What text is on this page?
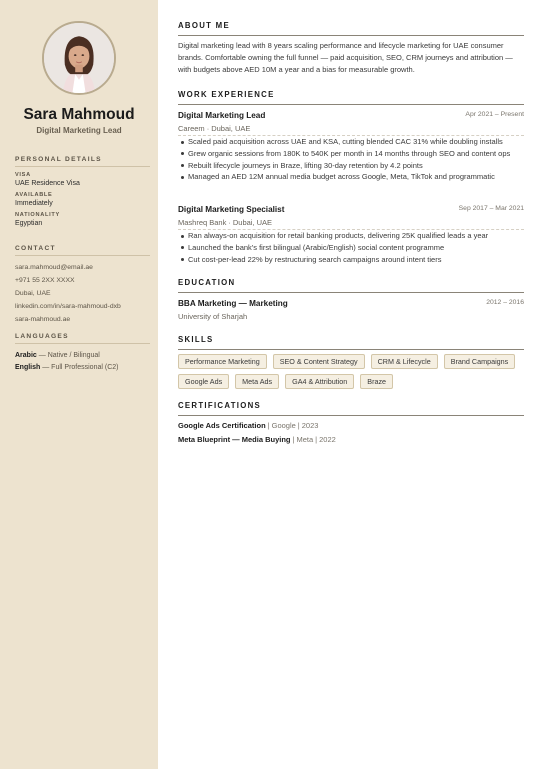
Sara Mahmoud
Digital Marketing Lead
PERSONAL DETAILS
VISA
UAE Residence Visa
AVAILABLE
Immediately
NATIONALITY
Egyptian
CONTACT
sara.mahmoud@email.ae
+971 55 2XX XXXX
Dubai, UAE
linkedin.com/in/sara-mahmoud-dxb
sara-mahmoud.ae
LANGUAGES
Arabic — Native / Bilingual
English — Full Professional (C2)
ABOUT ME
Digital marketing lead with 8 years scaling performance and lifecycle marketing for UAE consumer brands. Comfortable owning the full funnel — paid acquisition, SEO, CRM journeys and attribution — with budgets above AED 10M a year and a bias for measurable growth.
WORK EXPERIENCE
Digital Marketing Lead	Apr 2021 – Present
Careem · Dubai, UAE
Scaled paid acquisition across UAE and KSA, cutting blended CAC 31% while doubling installs
Grew organic sessions from 180K to 540K per month in 14 months through SEO and content ops
Rebuilt lifecycle journeys in Braze, lifting 30-day retention by 4.2 points
Managed an AED 12M annual media budget across Google, Meta, TikTok and programmatic
Digital Marketing Specialist	Sep 2017 – Mar 2021
Mashreq Bank · Dubai, UAE
Ran always-on acquisition for retail banking products, delivering 25K qualified leads a year
Launched the bank's first bilingual (Arabic/English) social content programme
Cut cost-per-lead 22% by restructuring search campaigns around intent tiers
EDUCATION
BBA Marketing — Marketing	2012 – 2016
University of Sharjah
SKILLS
Performance Marketing	SEO & Content Strategy	CRM & Lifecycle	Brand Campaigns
Google Ads	Meta Ads	GA4 & Attribution	Braze
CERTIFICATIONS
Google Ads Certification | Google | 2023
Meta Blueprint — Media Buying | Meta | 2022
